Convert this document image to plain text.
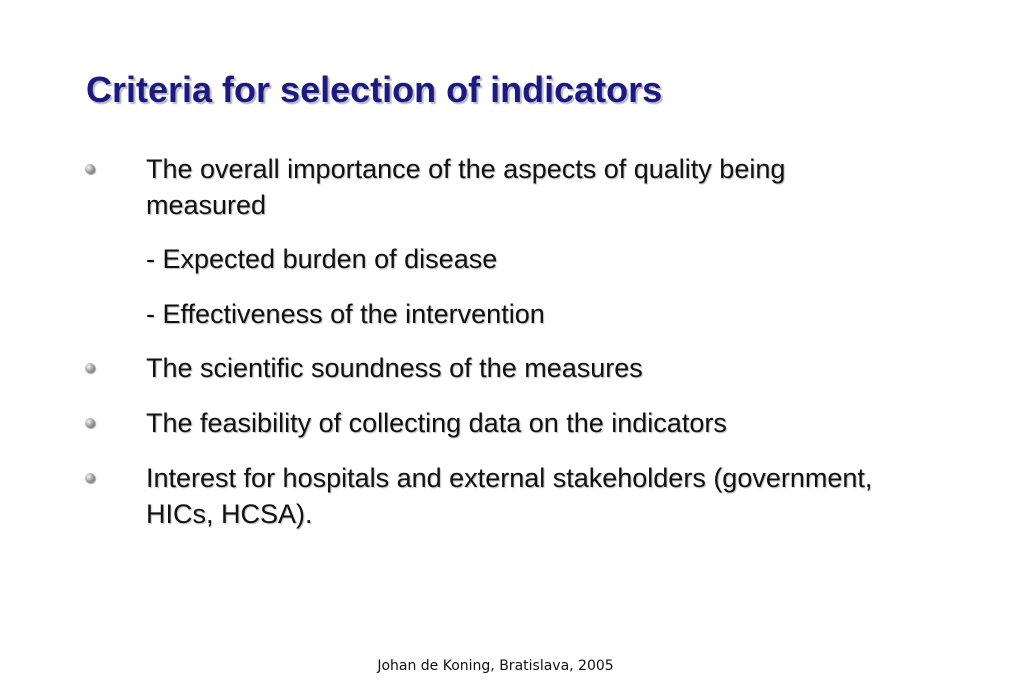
Criteria for selection of indicators
The overall importance of the aspects of quality being measured
- Expected burden of disease
- Effectiveness of the intervention
The scientific soundness of the measures
The feasibility of collecting data on the indicators
Interest for hospitals and external stakeholders (government, HICs, HCSA).
Johan de Koning, Bratislava, 2005
